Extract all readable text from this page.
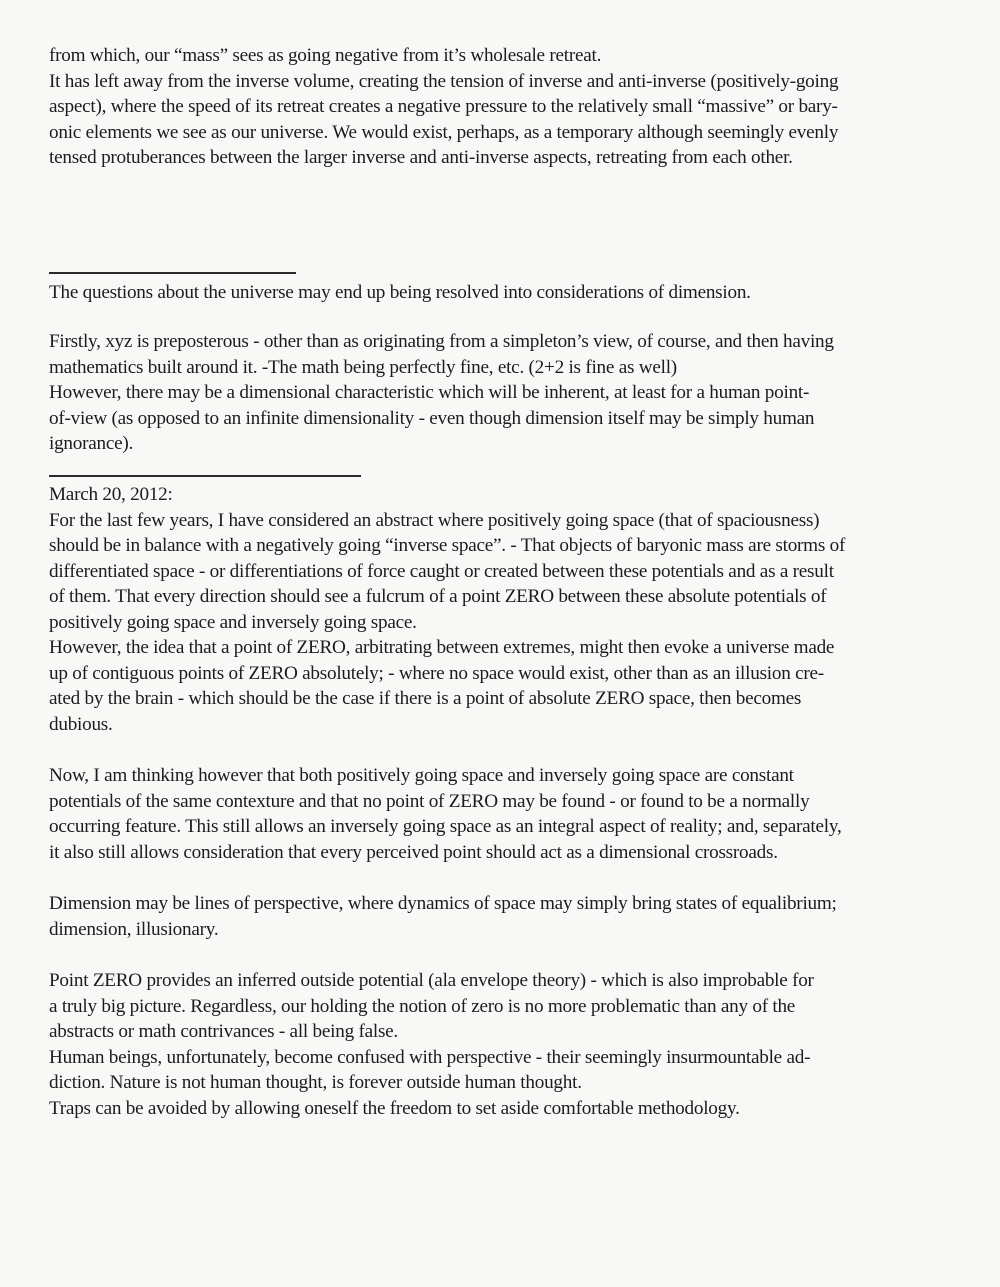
from which, our “mass” sees as going negative from it’s wholesale retreat.
It has left away from the inverse volume, creating the tension of inverse and anti-inverse (positively-going
aspect), where the speed of its retreat creates a negative pressure to the relatively small “massive” or bary-
onic elements we see as our universe. We would exist, perhaps, as a temporary although seemingly evenly
tensed protuberances between the larger inverse and anti-inverse aspects, retreating from each other.
The questions about the universe may end up being resolved into considerations of dimension.
Firstly, xyz is preposterous - other than as originating from a simpleton’s view, of course, and then having
mathematics built around it. -The math being perfectly fine, etc. (2+2 is fine as well)
However, there may be a dimensional characteristic which will be inherent, at least for a human point-
of-view (as opposed to an infinite dimensionality - even though dimension itself may be simply human
ignorance).
March 20, 2012:
For the last few years, I have considered an abstract where positively going space (that of spaciousness)
should be in balance with a negatively going “inverse space”. - That objects of baryonic mass are storms of
differentiated space - or differentiations of force caught or created between these potentials and as a result
of them. That every direction should see a fulcrum of a point ZERO between these absolute potentials of
positively going space and inversely going space.
However, the idea that a point of ZERO, arbitrating between extremes, might then evoke a universe made
up of contiguous points of ZERO absolutely; - where no space would exist, other than as an illusion cre-
ated by the brain - which should be the case if there is a point of absolute ZERO space, then becomes
dubious.
Now, I am thinking however that both positively going space and inversely going space are constant
potentials of the same contexture and that no point of ZERO may be found - or found to be a normally
occurring feature. This still allows an inversely going space as an integral aspect of reality; and, separately,
it also still allows consideration that every perceived point should act as a dimensional crossroads.
Dimension may be lines of perspective, where dynamics of space may simply bring states of equalibrium;
dimension, illusionary.
Point ZERO provides an inferred outside potential (ala envelope theory) - which is also improbable for
a truly big picture. Regardless, our holding the notion of zero is no more problematic than any of the
abstracts or math contrivances - all being false.
Human beings, unfortunately, become confused with perspective - their seemingly insurmountable ad-
diction. Nature is not human thought, is forever outside human thought.
Traps can be avoided by allowing oneself the freedom to set aside comfortable methodology.
